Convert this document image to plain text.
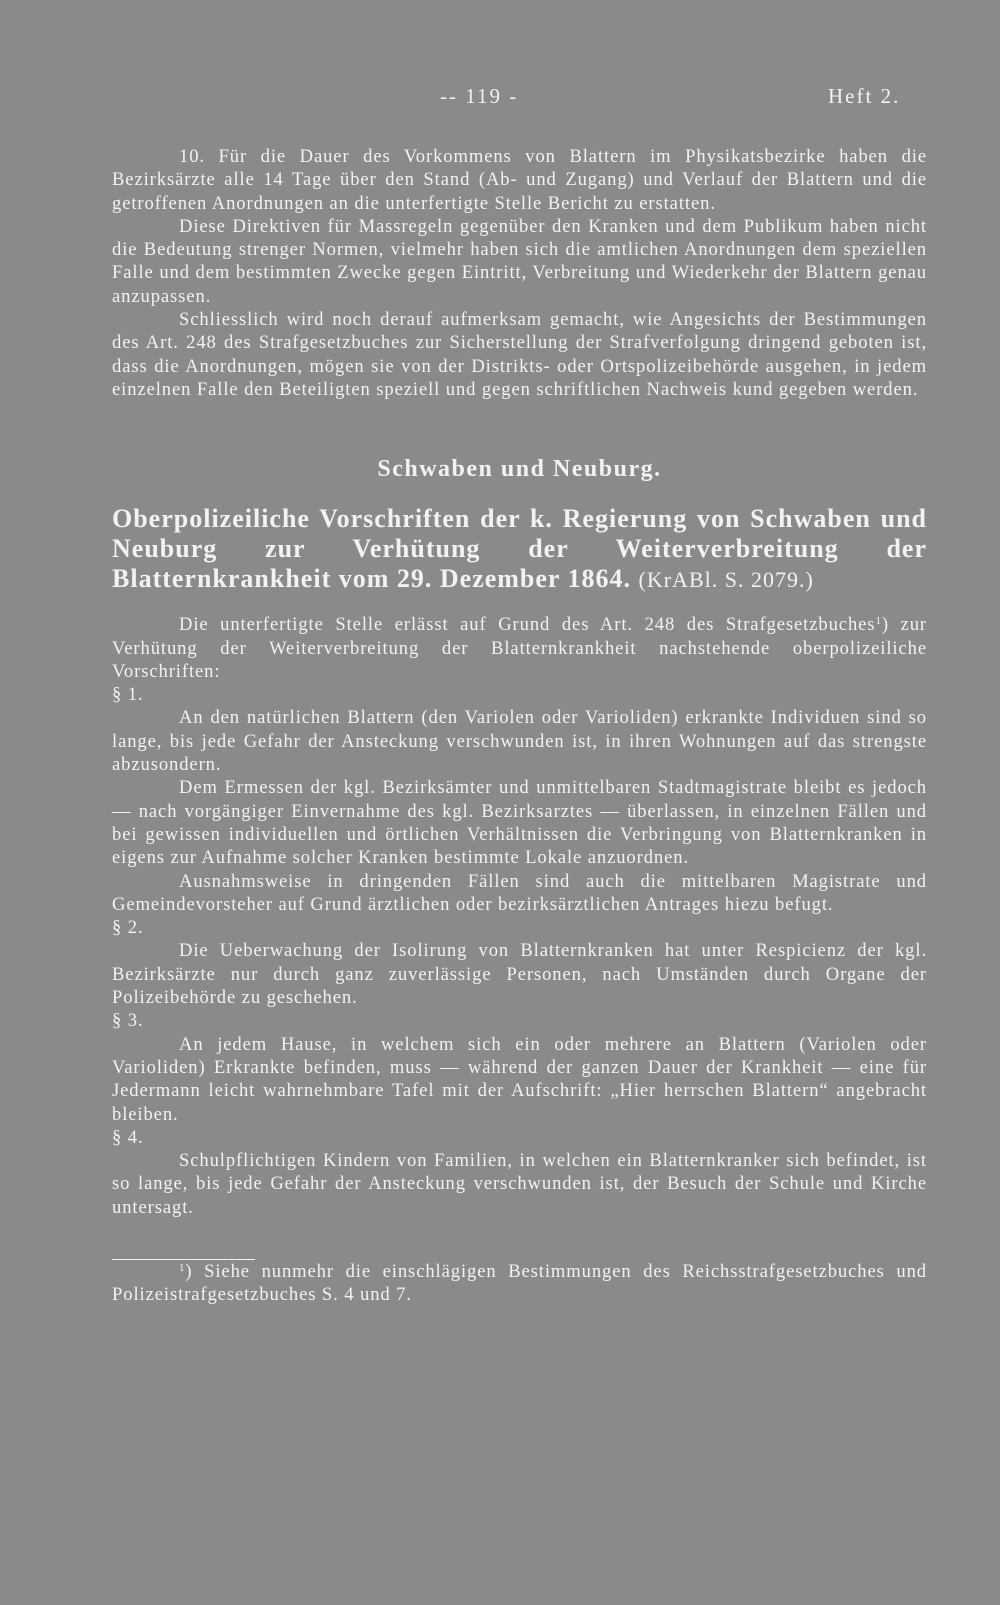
-- 119 -	Heft 2.

10. Für die Dauer des Vorkommens von Blattern im Physikatsbezirke haben die Bezirksärzte alle 14 Tage über den Stand (Ab- und Zugang) und Verlauf der Blattern und die getroffenen Anordnungen an die unterfertigte Stelle Bericht zu erstatten.

Diese Direktiven für Massregeln gegenüber den Kranken und dem Publikum haben nicht die Bedeutung strenger Normen, vielmehr haben sich die amtlichen Anordnungen dem speziellen Falle und dem bestimmten Zwecke gegen Eintritt, Verbreitung und Wiederkehr der Blattern genau anzupassen.

Schliesslich wird noch derauf aufmerksam gemacht, wie Angesichts der Bestimmungen des Art. 248 des Strafgesetzbuches zur Sicherstellung der Strafverfolgung dringend geboten ist, dass die Anordnungen, mögen sie von der Distrikts- oder Ortspolizeibehörde ausgehen, in jedem einzelnen Falle den Beteiligten speziell und gegen schriftlichen Nachweis kund gegeben werden.

Schwaben und Neuburg.
Oberpolizeiliche Vorschriften der k. Regierung von Schwaben und Neuburg zur Verhütung der Weiterverbreitung der Blatternkrankheit vom 29. Dezember 1864. (KrABl. S. 2079.)

Die unterfertigte Stelle erlässt auf Grund des Art. 248 des Strafgesetzbuches$^1$) zur Verhütung der Weiterverbreitung der Blatternkrankheit nachstehende oberpolizeiliche Vorschriften:

§ 1.

An den natürlichen Blattern (den Variolen oder Varioliden) erkrankte Individuen sind so lange, bis jede Gefahr der Ansteckung verschwunden ist, in ihren Wohnungen auf das strengste abzusondern.

Dem Ermessen der kgl. Bezirksämter und unmittelbaren Stadtmagistrate bleibt es jedoch — nach vorgängiger Einvernahme des kgl. Bezirksarztes — überlassen, in einzelnen Fällen und bei gewissen individuellen und örtlichen Verhältnissen die Verbringung von Blatternkranken in eigens zur Aufnahme solcher Kranken bestimmte Lokale anzuordnen.

Ausnahmsweise in dringenden Fällen sind auch die mittelbaren Magistrate und Gemeindevorsteher auf Grund ärztlichen oder bezirksärztlichen Antrages hiezu befugt.

§ 2.

Die Ueberwachung der Isolirung von Blatternkranken hat unter Respicienz der kgl. Bezirksärzte nur durch ganz zuverlässige Personen, nach Umständen durch Organe der Polizeibehörde zu geschehen.

§ 3.

An jedem Hause, in welchem sich ein oder mehrere an Blattern (Variolen oder Varioliden) Erkrankte befinden, muss — während der ganzen Dauer der Krankheit — eine für Jedermann leicht wahrnehmbare Tafel mit der Aufschrift: „Hier herrschen Blattern“ angebracht bleiben.

§ 4.

Schulpflichtigen Kindern von Familien, in welchen ein Blatternkranker sich befindet, ist so lange, bis jede Gefahr der Ansteckung verschwunden ist, der Besuch der Schule und Kirche untersagt.

$^1$) Siehe nunmehr die einschlägigen Bestimmungen des Reichsstrafgesetzbuches und Polizeistrafgesetzbuches S. 4 und 7.
